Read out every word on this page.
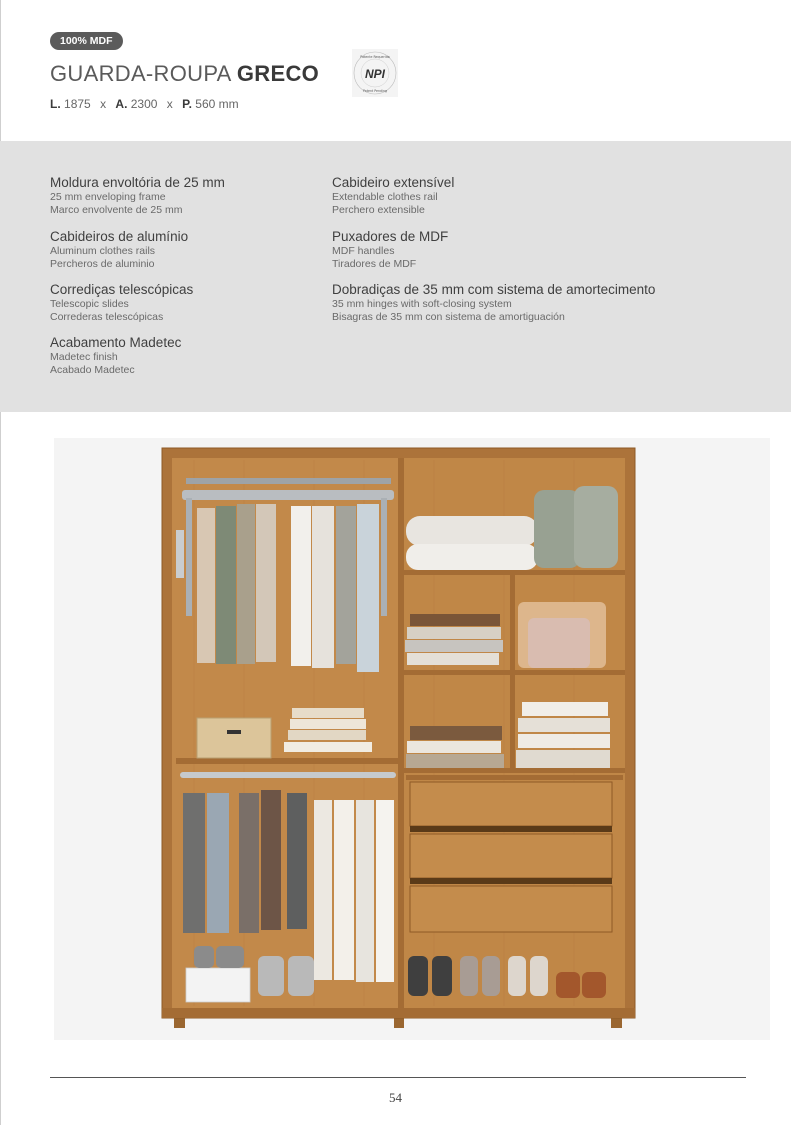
100% MDF
GUARDA-ROUPA GRECO	NPI
Patente Requerida
Patent Pending
L. 1875 x A. 2300 x P. 560 mm
Moldura envoltória de 25 mm
25 mm enveloping frame
Marco envolvente de 25 mm
Cabideiros de alumínio
Aluminum clothes rails
Percheros de aluminio
Corrediças telescópicas
Telescopic slides
Correderas telescópicas
Acabamento Madetec
Madetec finish
Acabado Madetec
Cabideiro extensível
Extendable clothes rail
Perchero extensible
Puxadores de MDF
MDF handles
Tiradores de MDF
Dobradiças de 35 mm com sistema de amortecimento
35 mm hinges with soft-closing system
Bisagras de 35 mm con sistema de amortiguación
54
